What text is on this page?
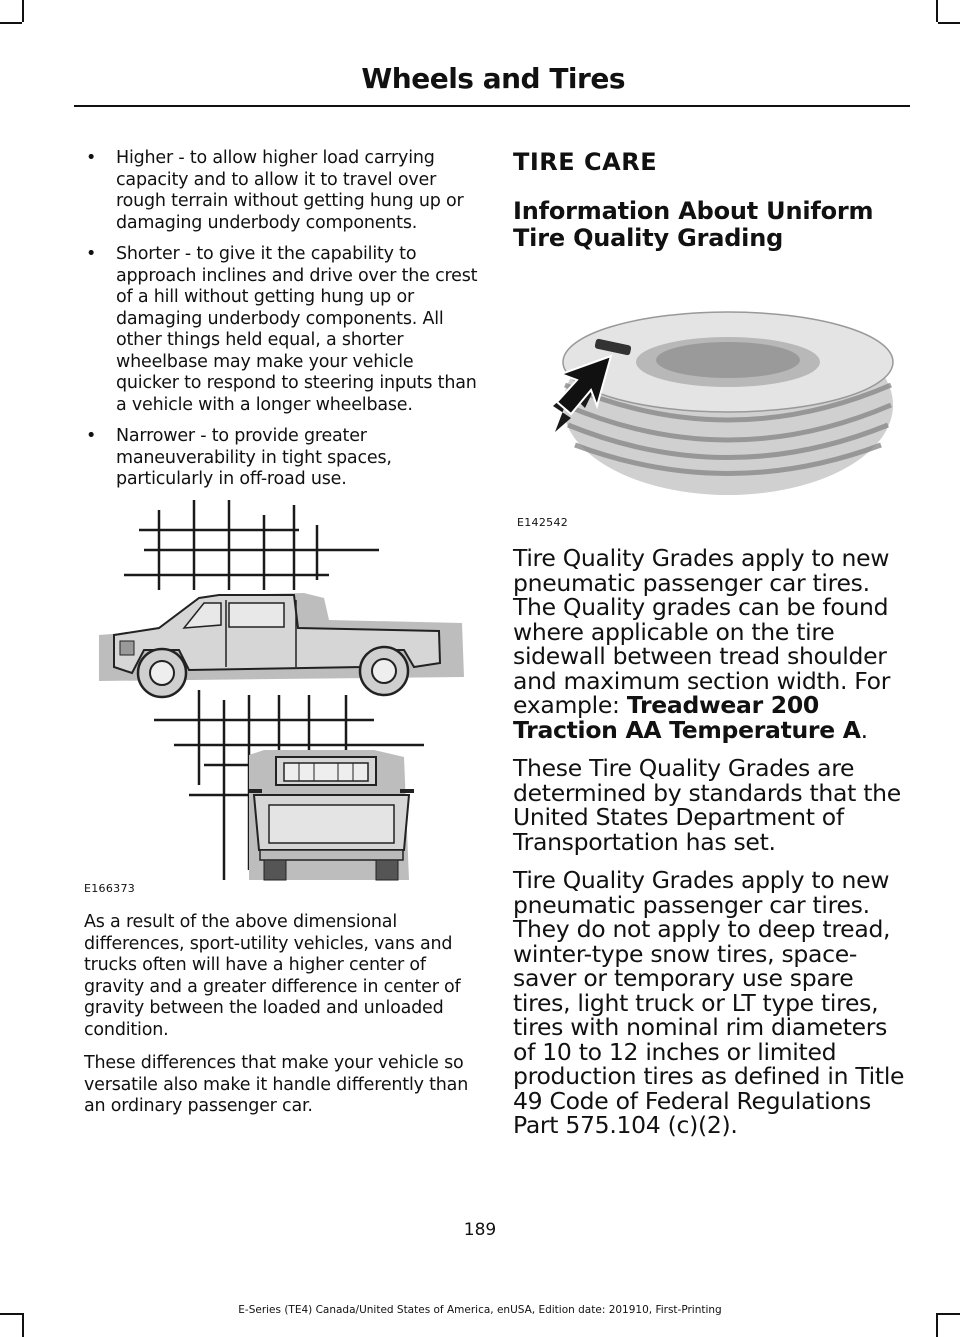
Wheels and Tires
• Higher - to allow higher load carrying capacity and to allow it to travel over rough terrain without getting hung up or damaging underbody components.
• Shorter - to give it the capability to approach inclines and drive over the crest of a hill without getting hung up or damaging underbody components. All other things held equal, a shorter wheelbase may make your vehicle quicker to respond to steering inputs than a vehicle with a longer wheelbase.
• Narrower - to provide greater maneuverability in tight spaces, particularly in off-road use.
E166373

As a result of the above dimensional differences, sport-utility vehicles, vans and trucks often will have a higher center of gravity and a greater difference in center of gravity between the loaded and unloaded condition.

These differences that make your vehicle so versatile also make it handle differently than an ordinary passenger car.

TIRE CARE
Information About Uniform Tire Quality Grading
E142542

Tire Quality Grades apply to new pneumatic passenger car tires. The Quality grades can be found where applicable on the tire sidewall between tread shoulder and maximum section width. For example: Treadwear 200 Traction AA Temperature A.

These Tire Quality Grades are determined by standards that the United States Department of Transportation has set.

Tire Quality Grades apply to new pneumatic passenger car tires. They do not apply to deep tread, winter-type snow tires, space-saver or temporary use spare tires, light truck or LT type tires, tires with nominal rim diameters of 10 to 12 inches or limited production tires as defined in Title 49 Code of Federal Regulations Part 575.104 (c)(2).

189
E-Series (TE4) Canada/United States of America, enUSA, Edition date: 201910, First-Printing
